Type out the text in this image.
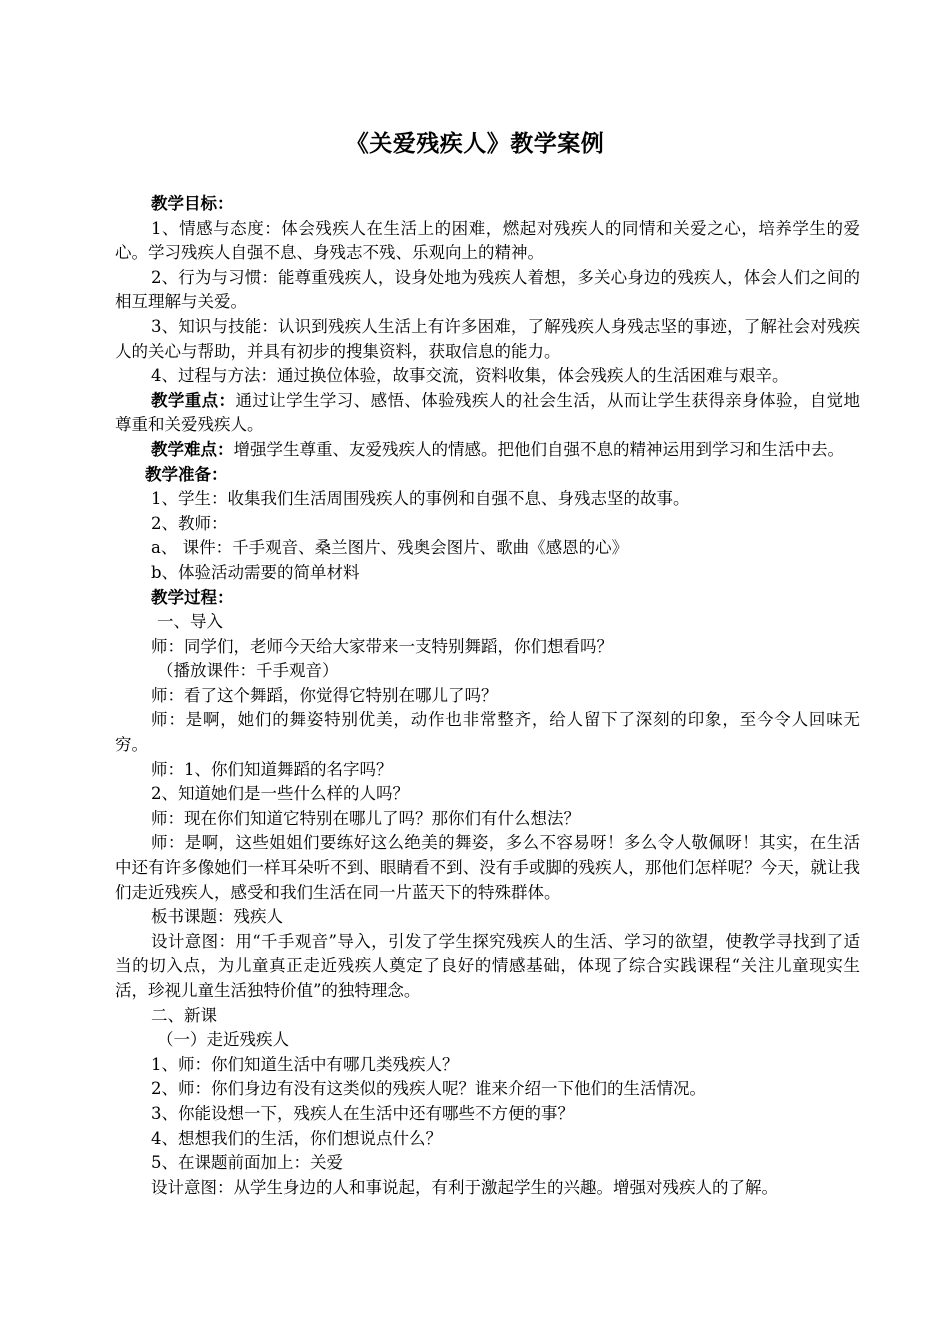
《关爱残疾人》教学案例

教学目标：

1、情感与态度：体会残疾人在生活上的困难，燃起对残疾人的同情和关爱之心，培养学生的爱心。学习残疾人自强不息、身残志不残、乐观向上的精神。

2、行为与习惯：能尊重残疾人，设身处地为残疾人着想，多关心身边的残疾人，体会人们之间的相互理解与关爱。

3、知识与技能：认识到残疾人生活上有许多困难，了解残疾人身残志坚的事迹，了解社会对残疾人的关心与帮助，并具有初步的搜集资料，获取信息的能力。

4、过程与方法：通过换位体验，故事交流，资料收集，体会残疾人的生活困难与艰辛。

教学重点：通过让学生学习、感悟、体验残疾人的社会生活，从而让学生获得亲身体验，自觉地尊重和关爱残疾人。

教学难点：增强学生尊重、友爱残疾人的情感。把他们自强不息的精神运用到学习和生活中去。

教学准备：

1、学生：收集我们生活周围残疾人的事例和自强不息、身残志坚的故事。

2、教师：

a、 课件：千手观音、桑兰图片、残奥会图片、歌曲《感恩的心》

b、体验活动需要的简单材料

教学过程：

一、导入

师：同学们，老师今天给大家带来一支特别舞蹈，你们想看吗？

（播放课件：千手观音）

师：看了这个舞蹈，你觉得它特别在哪儿了吗？

师：是啊，她们的舞姿特别优美，动作也非常整齐，给人留下了深刻的印象，至今令人回味无穷。

师：1、你们知道舞蹈的名字吗？

2、知道她们是一些什么样的人吗？

师：现在你们知道它特别在哪儿了吗？那你们有什么想法？

师：是啊，这些姐姐们要练好这么绝美的舞姿，多么不容易呀！多么令人敬佩呀！其实，在生活中还有许多像她们一样耳朵听不到、眼睛看不到、没有手或脚的残疾人，那他们怎样呢？今天，就让我们走近残疾人，感受和我们生活在同一片蓝天下的特殊群体。

板书课题：残疾人

设计意图：用“千手观音”导入，引发了学生探究残疾人的生活、学习的欲望，使教学寻找到了适当的切入点，为儿童真正走近残疾人奠定了良好的情感基础，体现了综合实践课程“关注儿童现实生活，珍视儿童生活独特价值”的独特理念。

二、新课

（一）走近残疾人

1、师：你们知道生活中有哪几类残疾人？

2、师：你们身边有没有这类似的残疾人呢？谁来介绍一下他们的生活情况。

3、你能设想一下，残疾人在生活中还有哪些不方便的事？

4、想想我们的生活，你们想说点什么？

5、在课题前面加上：关爱

设计意图：从学生身边的人和事说起，有利于激起学生的兴趣。增强对残疾人的了解。
